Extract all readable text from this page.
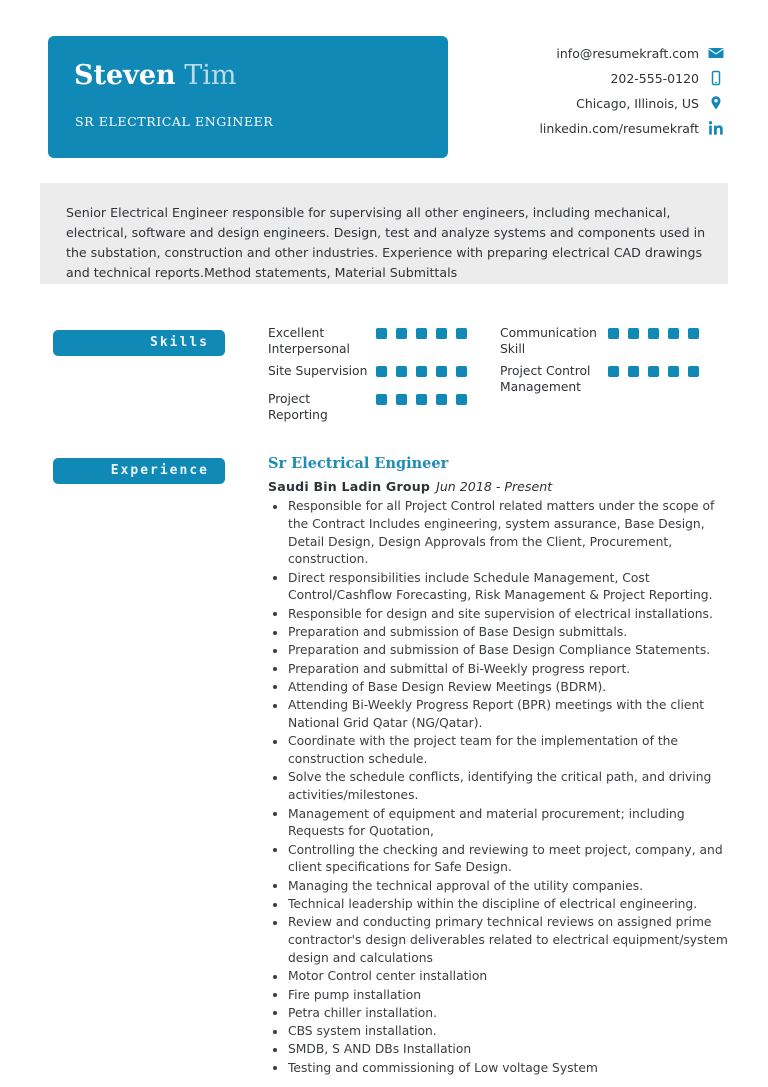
Steven Tim
SR ELECTRICAL ENGINEER
info@resumekraft.com
202-555-0120
Chicago, Illinois, US
linkedin.com/resumekraft
Senior Electrical Engineer responsible for supervising all other engineers, including mechanical, electrical, software and design engineers. Design, test and analyze systems and components used in the substation, construction and other industries. Experience with preparing electrical CAD drawings and technical reports.Method statements, Material Submittals
Skills
Excellent Interpersonal
Site Supervision
Project Reporting
Communication Skill
Project Control Management
Experience	Sr Electrical Engineer
Saudi Bin Ladin Group Jun 2018 - Present
Responsible for all Project Control related matters under the scope of the Contract Includes engineering, system assurance, Base Design, Detail Design, Design Approvals from the Client, Procurement, construction.
Direct responsibilities include Schedule Management, Cost Control/Cashflow Forecasting, Risk Management & Project Reporting.
Responsible for design and site supervision of electrical installations.
Preparation and submission of Base Design submittals.
Preparation and submission of Base Design Compliance Statements.
Preparation and submittal of Bi-Weekly progress report.
Attending of Base Design Review Meetings (BDRM).
Attending Bi-Weekly Progress Report (BPR) meetings with the client National Grid Qatar (NG/Qatar).
Coordinate with the project team for the implementation of the construction schedule.
Solve the schedule conflicts, identifying the critical path, and driving activities/milestones.
Management of equipment and material procurement; including Requests for Quotation,
Controlling the checking and reviewing to meet project, company, and client specifications for Safe Design.
Managing the technical approval of the utility companies.
Technical leadership within the discipline of electrical engineering.
Review and conducting primary technical reviews on assigned prime contractor's design deliverables related to electrical equipment/system design and calculations
Motor Control center installation
Fire pump installation
Petra chiller installation.
CBS system installation.
SMDB, S AND DBs Installation
Testing and commissioning of Low voltage System
